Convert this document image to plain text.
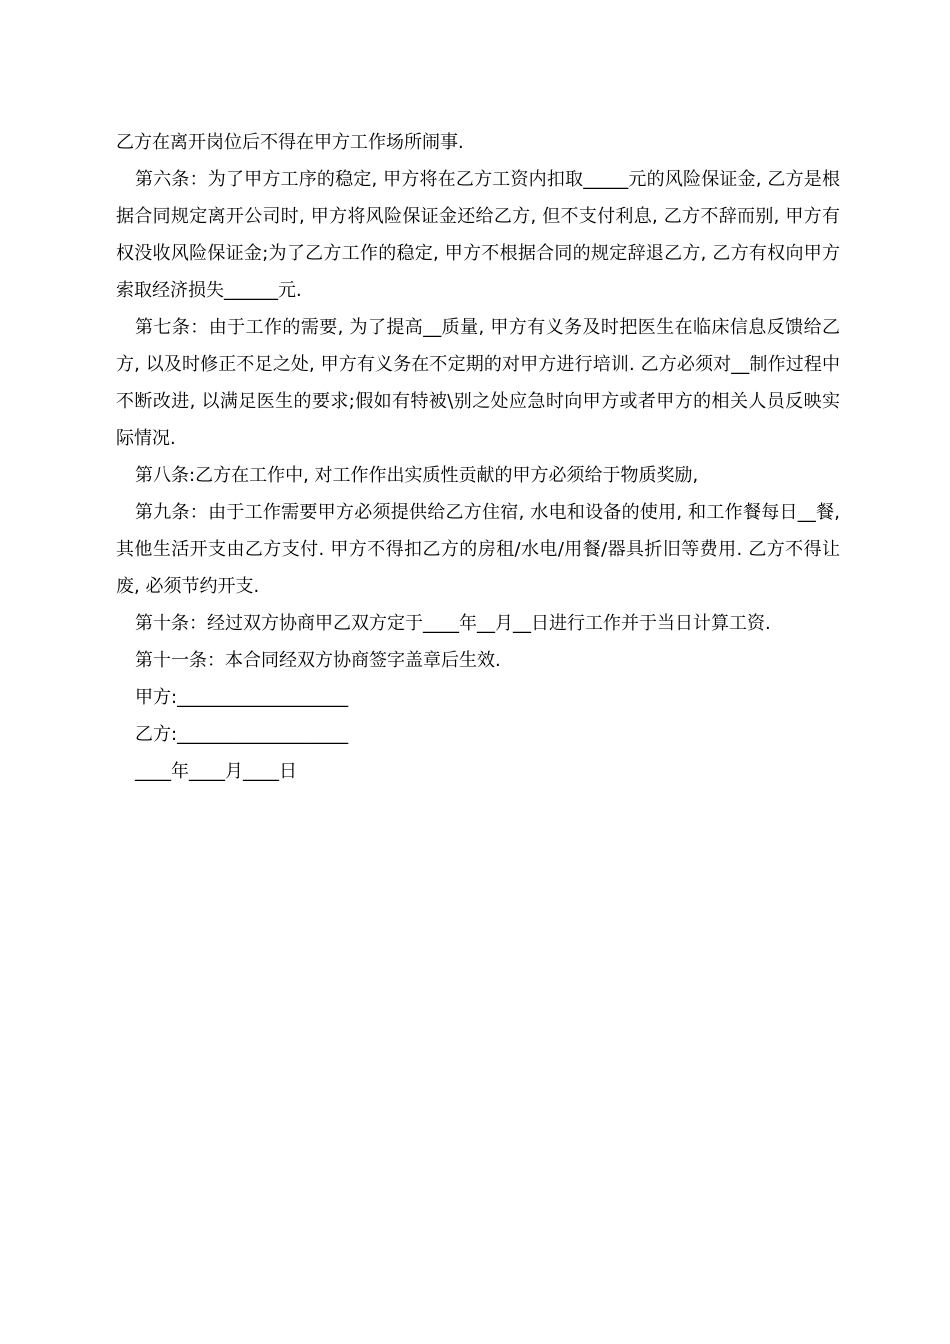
乙方在离开岗位后不得在甲方工作场所闹事.

第六条：为了甲方工序的稳定, 甲方将在乙方工资内扣取_____元的风险保证金, 乙方是根据合同规定离开公司时, 甲方将风险保证金还给乙方, 但不支付利息, 乙方不辞而别, 甲方有权没收风险保证金;为了乙方工作的稳定, 甲方不根据合同的规定辞退乙方, 乙方有权向甲方索取经济损失______元.

第七条：由于工作的需要, 为了提高__质量, 甲方有义务及时把医生在临床信息反馈给乙方, 以及时修正不足之处, 甲方有义务在不定期的对甲方进行培训. 乙方必须对__制作过程中不断改进, 以满足医生的要求;假如有特被\别之处应急时向甲方或者甲方的相关人员反映实际情况.

第八条:乙方在工作中, 对工作作出实质性贡献的甲方必须给于物质奖励,

第九条：由于工作需要甲方必须提供给乙方住宿, 水电和设备的使用, 和工作餐每日__餐, 其他生活开支由乙方支付. 甲方不得扣乙方的房租/水电/用餐/器具折旧等费用. 乙方不得让废, 必须节约开支.

第十条：经过双方协商甲乙双方定于____年__月__日进行工作并于当日计算工资.

第十一条：本合同经双方协商签字盖章后生效.

甲方:___________________

乙方:___________________

____年____月____日
